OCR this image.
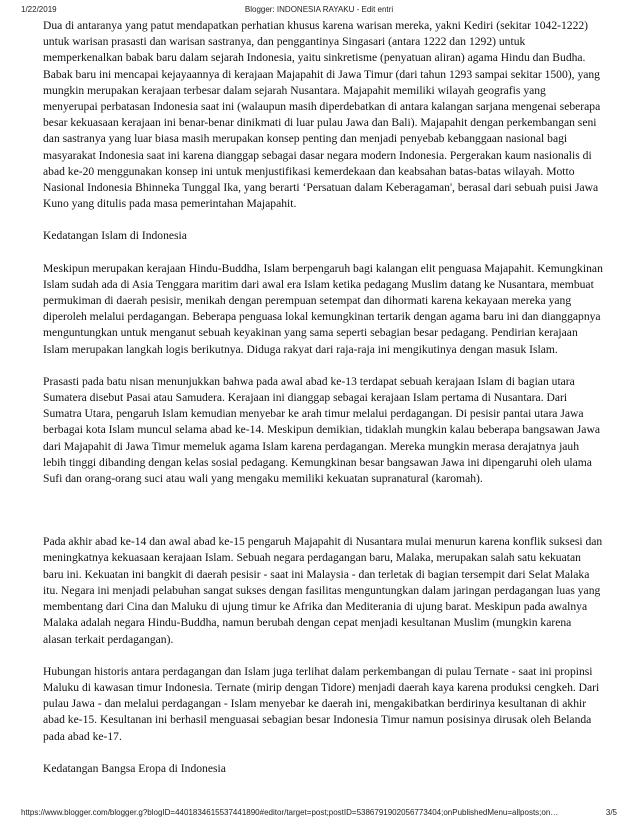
1/22/2019	Blogger: INDONESIA RAYAKU - Edit entri

Dua di antaranya yang patut mendapatkan perhatian khusus karena warisan mereka, yakni Kediri (sekitar 1042-1222) untuk warisan prasasti dan warisan sastranya, dan penggantinya Singasari (antara 1222 dan 1292) untuk memperkenalkan babak baru dalam sejarah Indonesia, yaitu sinkretisme (penyatuan aliran) agama Hindu dan Budha. Babak baru ini mencapai kejayaannya di kerajaan Majapahit di Jawa Timur (dari tahun 1293 sampai sekitar 1500), yang mungkin merupakan kerajaan terbesar dalam sejarah Nusantara. Majapahit memiliki wilayah geografis yang menyerupai perbatasan Indonesia saat ini (walaupun masih diperdebatkan di antara kalangan sarjana mengenai seberapa besar kekuasaan kerajaan ini benar-benar dinikmati di luar pulau Jawa dan Bali). Majapahit dengan perkembangan seni dan sastranya yang luar biasa masih merupakan konsep penting dan menjadi penyebab kebanggaan nasional bagi masyarakat Indonesia saat ini karena dianggap sebagai dasar negara modern Indonesia. Pergerakan kaum nasionalis di abad ke-20 menggunakan konsep ini untuk menjustifikasi kemerdekaan dan keabsahan batas-batas wilayah. Motto Nasional Indonesia Bhinneka Tunggal Ika, yang berarti ‘Persatuan dalam Keberagaman', berasal dari sebuah puisi Jawa Kuno yang ditulis pada masa pemerintahan Majapahit.

Kedatangan Islam di Indonesia

Meskipun merupakan kerajaan Hindu-Buddha, Islam berpengaruh bagi kalangan elit penguasa Majapahit. Kemungkinan Islam sudah ada di Asia Tenggara maritim dari awal era Islam ketika pedagang Muslim datang ke Nusantara, membuat permukiman di daerah pesisir, menikah dengan perempuan setempat dan dihormati karena kekayaan mereka yang diperoleh melalui perdagangan. Beberapa penguasa lokal kemungkinan tertarik dengan agama baru ini dan dianggapnya menguntungkan untuk menganut sebuah keyakinan yang sama seperti sebagian besar pedagang. Pendirian kerajaan Islam merupakan langkah logis berikutnya. Diduga rakyat dari raja-raja ini mengikutinya dengan masuk Islam.

Prasasti pada batu nisan menunjukkan bahwa pada awal abad ke-13 terdapat sebuah kerajaan Islam di bagian utara Sumatera disebut Pasai atau Samudera. Kerajaan ini dianggap sebagai kerajaan Islam pertama di Nusantara. Dari Sumatra Utara, pengaruh Islam kemudian menyebar ke arah timur melalui perdagangan. Di pesisir pantai utara Jawa berbagai kota Islam muncul selama abad ke-14. Meskipun demikian, tidaklah mungkin kalau beberapa bangsawan Jawa dari Majapahit di Jawa Timur memeluk agama Islam karena perdagangan. Mereka mungkin merasa derajatnya jauh lebih tinggi dibanding dengan kelas sosial pedagang. Kemungkinan besar bangsawan Jawa ini dipengaruhi oleh ulama Sufi dan orang-orang suci atau wali yang mengaku memiliki kekuatan supranatural (karomah).

Pada akhir abad ke-14 dan awal abad ke-15 pengaruh Majapahit di Nusantara mulai menurun karena konflik suksesi dan meningkatnya kekuasaan kerajaan Islam. Sebuah negara perdagangan baru, Malaka, merupakan salah satu kekuatan baru ini. Kekuatan ini bangkit di daerah pesisir - saat ini Malaysia - dan terletak di bagian tersempit dari Selat Malaka itu. Negara ini menjadi pelabuhan sangat sukses dengan fasilitas menguntungkan dalam jaringan perdagangan luas yang membentang dari Cina dan Maluku di ujung timur ke Afrika dan Mediterania di ujung barat. Meskipun pada awalnya Malaka adalah negara Hindu-Buddha, namun berubah dengan cepat menjadi kesultanan Muslim (mungkin karena alasan terkait perdagangan).

Hubungan historis antara perdagangan dan Islam juga terlihat dalam perkembangan di pulau Ternate - saat ini propinsi Maluku di kawasan timur Indonesia. Ternate (mirip dengan Tidore) menjadi daerah kaya karena produksi cengkeh. Dari pulau Jawa - dan melalui perdagangan - Islam menyebar ke daerah ini, mengakibatkan berdirinya kesultanan di akhir abad ke-15. Kesultanan ini berhasil menguasai sebagian besar Indonesia Timur namun posisinya dirusak oleh Belanda pada abad ke-17.

Kedatangan Bangsa Eropa di Indonesia

https://www.blogger.com/blogger.g?blogID=4401834615537441890#editor/target=post;postID=5386791902056773404;onPublishedMenu=allposts;on…	3/5
